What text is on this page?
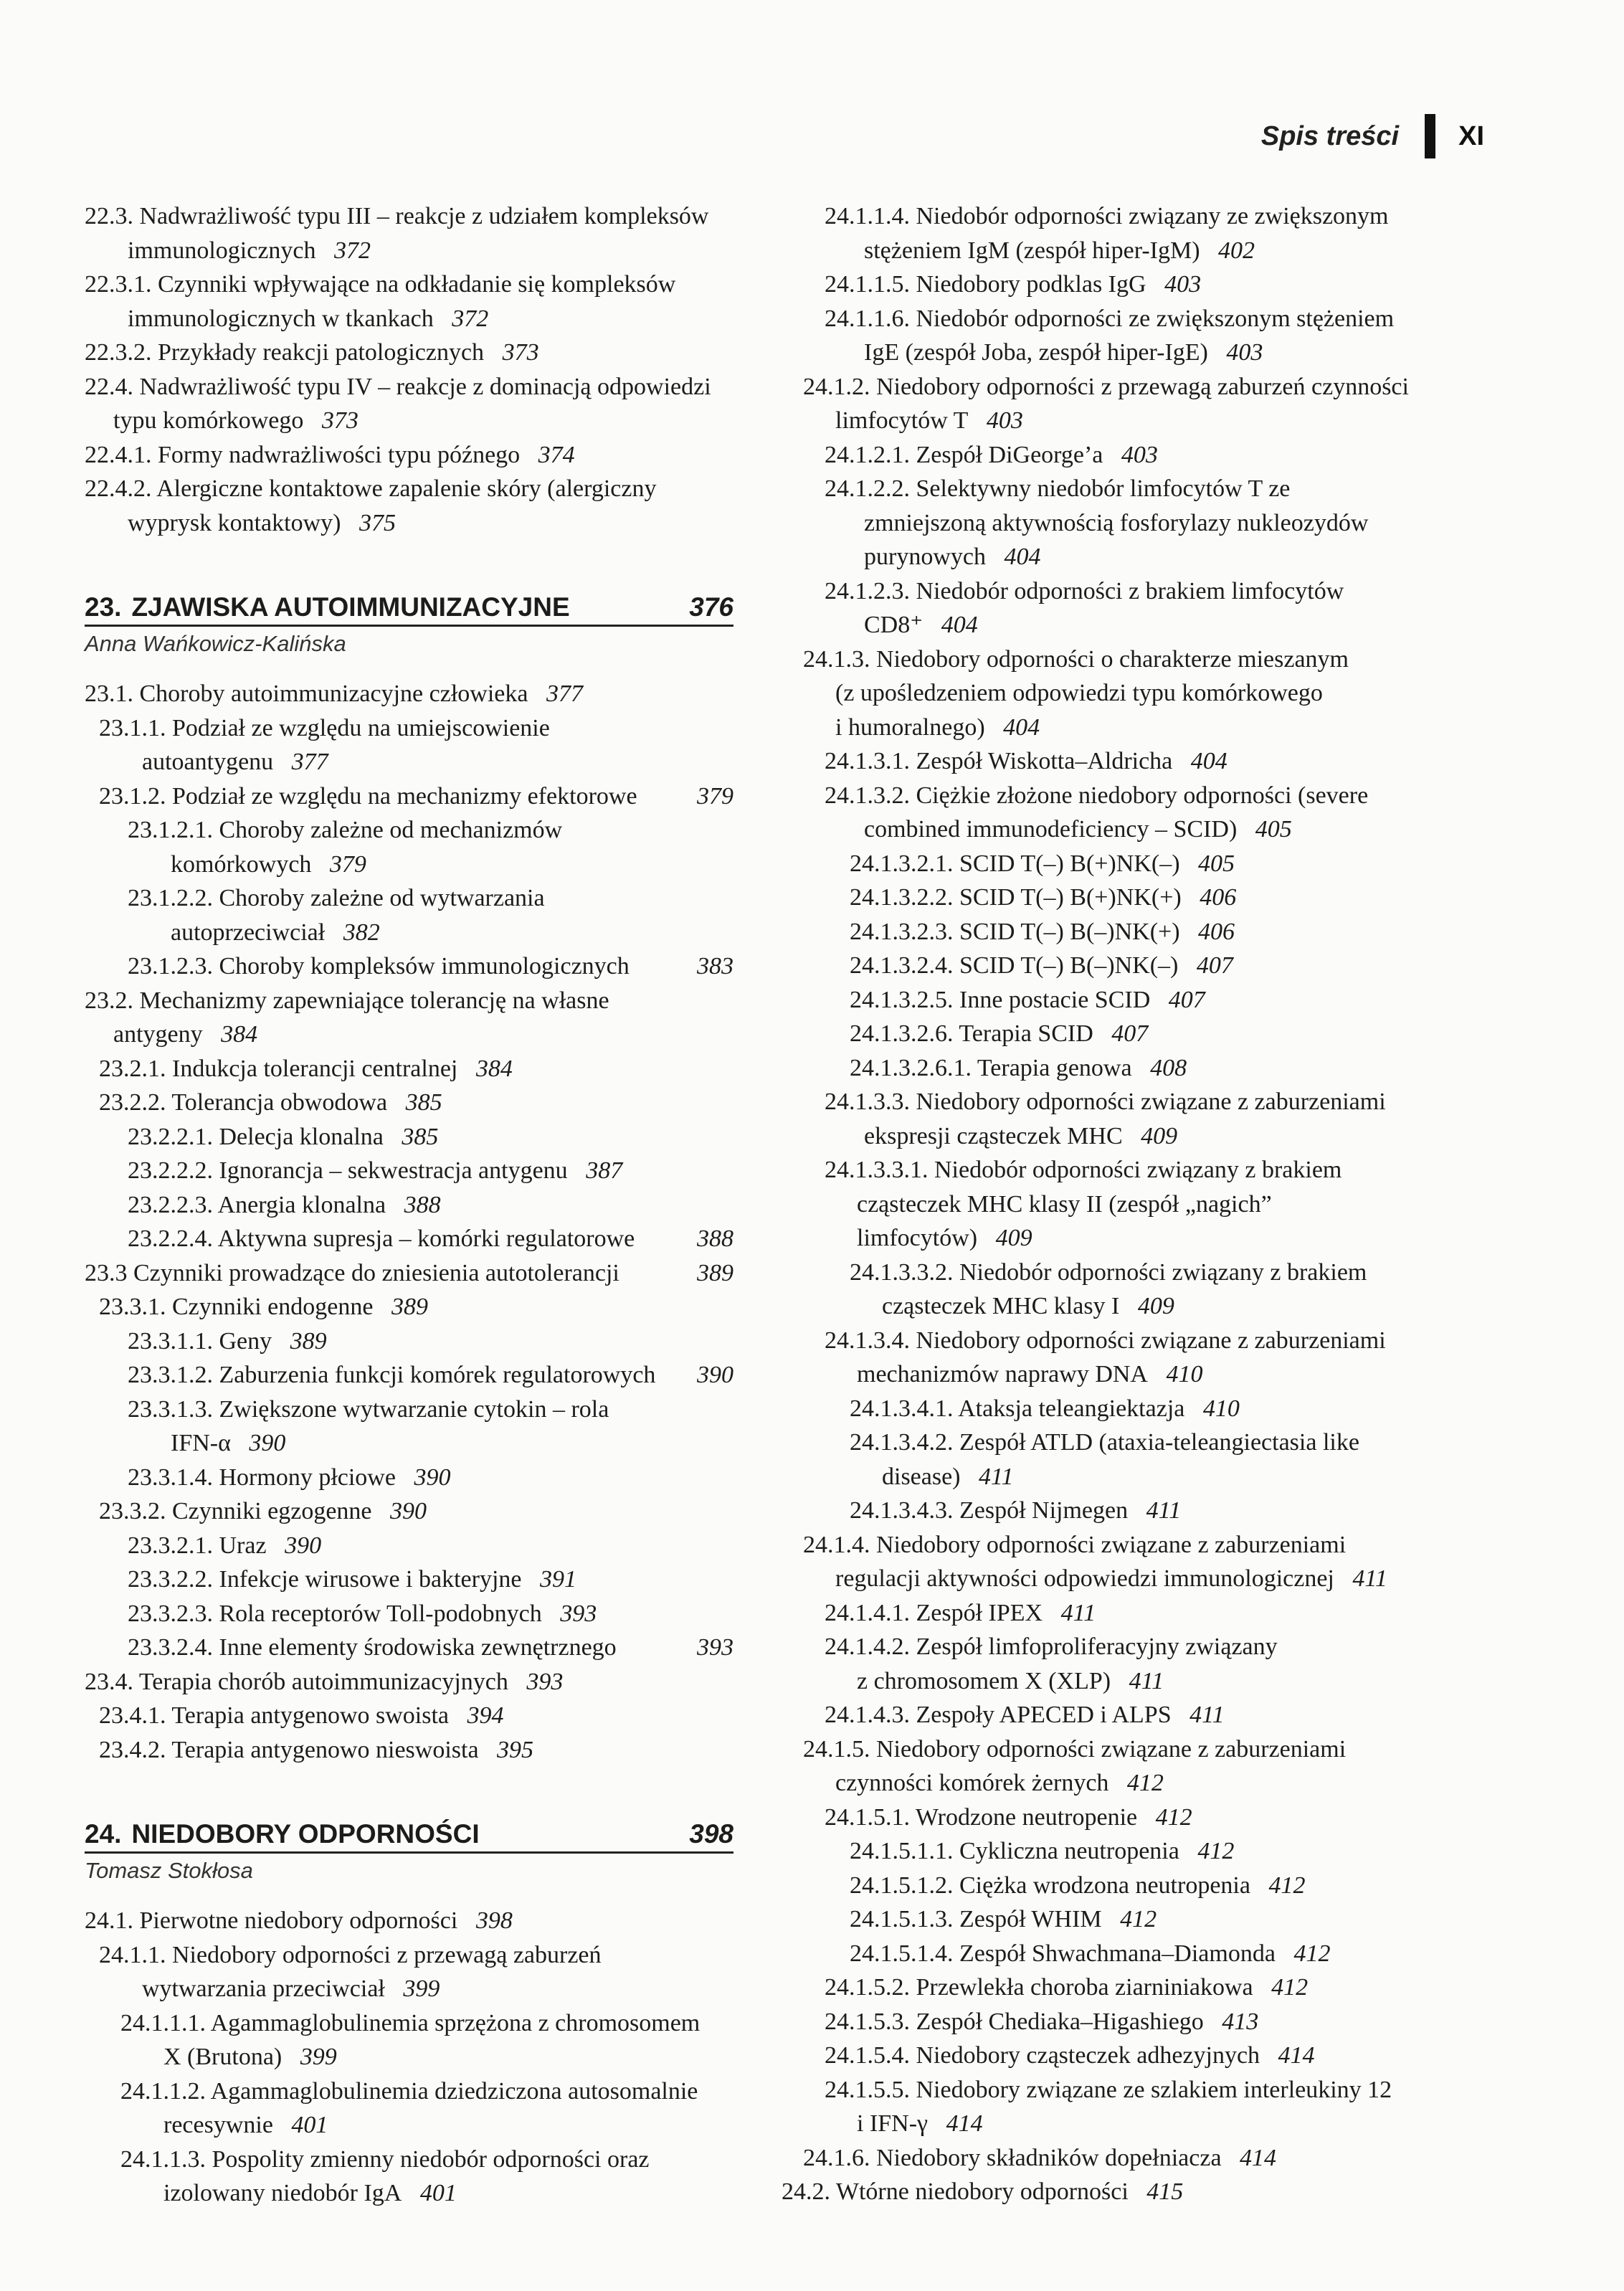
Spis treści XI
22.3. Nadwrażliwość typu III – reakcje z udziałem kompleksów
immunologicznych  372
22.3.1. Czynniki wpływające na odkładanie się kompleksów
immunologicznych w tkankach  372
22.3.2. Przykłady reakcji patologicznych  373
22.4. Nadwrażliwość typu IV – reakcje z dominacją odpowiedzi
typu komórkowego  373
22.4.1. Formy nadwrażliwości typu późnego  374
22.4.2. Alergiczne kontaktowe zapalenie skóry (alergiczny
wyprysk kontaktowy)  375
23. ZJAWISKA AUTOIMMUNIZACYJNE	376
Anna Wańkowicz-Kalińska
23.1. Choroby autoimmunizacyjne człowieka  377
23.1.1. Podział ze względu na umiejscowienie
autoantygenu  377
23.1.2. Podział ze względu na mechanizmy efektorowe	379
23.1.2.1. Choroby zależne od mechanizmów
komórkowych  379
23.1.2.2. Choroby zależne od wytwarzania
autoprzeciwciał  382
23.1.2.3. Choroby kompleksów immunologicznych	383
23.2. Mechanizmy zapewniające tolerancję na własne
antygeny  384
23.2.1. Indukcja tolerancji centralnej  384
23.2.2. Tolerancja obwodowa  385
23.2.2.1. Delecja klonalna  385
23.2.2.2. Ignorancja – sekwestracja antygenu  387
23.2.2.3. Anergia klonalna  388
23.2.2.4. Aktywna supresja – komórki regulatorowe	388
23.3 Czynniki prowadzące do zniesienia autotolerancji	389
23.3.1. Czynniki endogenne  389
23.3.1.1. Geny  389
23.3.1.2. Zaburzenia funkcji komórek regulatorowych	390
23.3.1.3. Zwiększone wytwarzanie cytokin – rola
IFN-α  390
23.3.1.4. Hormony płciowe  390
23.3.2. Czynniki egzogenne  390
23.3.2.1. Uraz  390
23.3.2.2. Infekcje wirusowe i bakteryjne  391
23.3.2.3. Rola receptorów Toll-podobnych  393
23.3.2.4. Inne elementy środowiska zewnętrznego	393
23.4. Terapia chorób autoimmunizacyjnych  393
23.4.1. Terapia antygenowo swoista  394
23.4.2. Terapia antygenowo nieswoista  395
24. NIEDOBORY ODPORNOŚCI	398
Tomasz Stokłosa
24.1. Pierwotne niedobory odporności  398
24.1.1. Niedobory odporności z przewagą zaburzeń
wytwarzania przeciwciał  399
24.1.1.1. Agammaglobulinemia sprzężona z chromosomem
X (Brutona)  399
24.1.1.2. Agammaglobulinemia dziedziczona autosomalnie
recesywnie  401
24.1.1.3. Pospolity zmienny niedobór odporności oraz
izolowany niedobór IgA  401
24.1.1.4. Niedobór odporności związany ze zwiększonym
stężeniem IgM (zespół hiper-IgM)  402
24.1.1.5. Niedobory podklas IgG  403
24.1.1.6. Niedobór odporności ze zwiększonym stężeniem
IgE (zespół Joba, zespół hiper-IgE)  403
24.1.2. Niedobory odporności z przewagą zaburzeń czynności
limfocytów T  403
24.1.2.1. Zespół DiGeorge’a  403
24.1.2.2. Selektywny niedobór limfocytów T ze
zmniejszoną aktywnością fosforylazy nukleozydów
purynowych  404
24.1.2.3. Niedobór odporności z brakiem limfocytów
CD8⁺  404
24.1.3. Niedobory odporności o charakterze mieszanym
(z upośledzeniem odpowiedzi typu komórkowego
i humoralnego)  404
24.1.3.1. Zespół Wiskotta–Aldricha  404
24.1.3.2. Ciężkie złożone niedobory odporności (severe
combined immunodeficiency – SCID)  405
24.1.3.2.1. SCID T(–) B(+)NK(–)  405
24.1.3.2.2. SCID T(–) B(+)NK(+)  406
24.1.3.2.3. SCID T(–) B(–)NK(+)  406
24.1.3.2.4. SCID T(–) B(–)NK(–)  407
24.1.3.2.5. Inne postacie SCID  407
24.1.3.2.6. Terapia SCID  407
24.1.3.2.6.1. Terapia genowa  408
24.1.3.3. Niedobory odporności związane z zaburzeniami
ekspresji cząsteczek MHC  409
24.1.3.3.1. Niedobór odporności związany z brakiem
cząsteczek MHC klasy II (zespół „nagich”
limfocytów)  409
24.1.3.3.2. Niedobór odporności związany z brakiem
cząsteczek MHC klasy I  409
24.1.3.4. Niedobory odporności związane z zaburzeniami
mechanizmów naprawy DNA  410
24.1.3.4.1. Ataksja teleangiektazja  410
24.1.3.4.2. Zespół ATLD (ataxia-teleangiectasia like
disease)  411
24.1.3.4.3. Zespół Nijmegen  411
24.1.4. Niedobory odporności związane z zaburzeniami
regulacji aktywności odpowiedzi immunologicznej  411
24.1.4.1. Zespół IPEX  411
24.1.4.2. Zespół limfoproliferacyjny związany
z chromosomem X (XLP)  411
24.1.4.3. Zespoły APECED i ALPS  411
24.1.5. Niedobory odporności związane z zaburzeniami
czynności komórek żernych  412
24.1.5.1. Wrodzone neutropenie  412
24.1.5.1.1. Cykliczna neutropenia  412
24.1.5.1.2. Ciężka wrodzona neutropenia  412
24.1.5.1.3. Zespół WHIM  412
24.1.5.1.4. Zespół Shwachmana–Diamonda  412
24.1.5.2. Przewlekła choroba ziarniniakowa  412
24.1.5.3. Zespół Chediaka–Higashiego  413
24.1.5.4. Niedobory cząsteczek adhezyjnych  414
24.1.5.5. Niedobory związane ze szlakiem interleukiny 12
i IFN-γ  414
24.1.6. Niedobory składników dopełniacza  414
24.2. Wtórne niedobory odporności  415
